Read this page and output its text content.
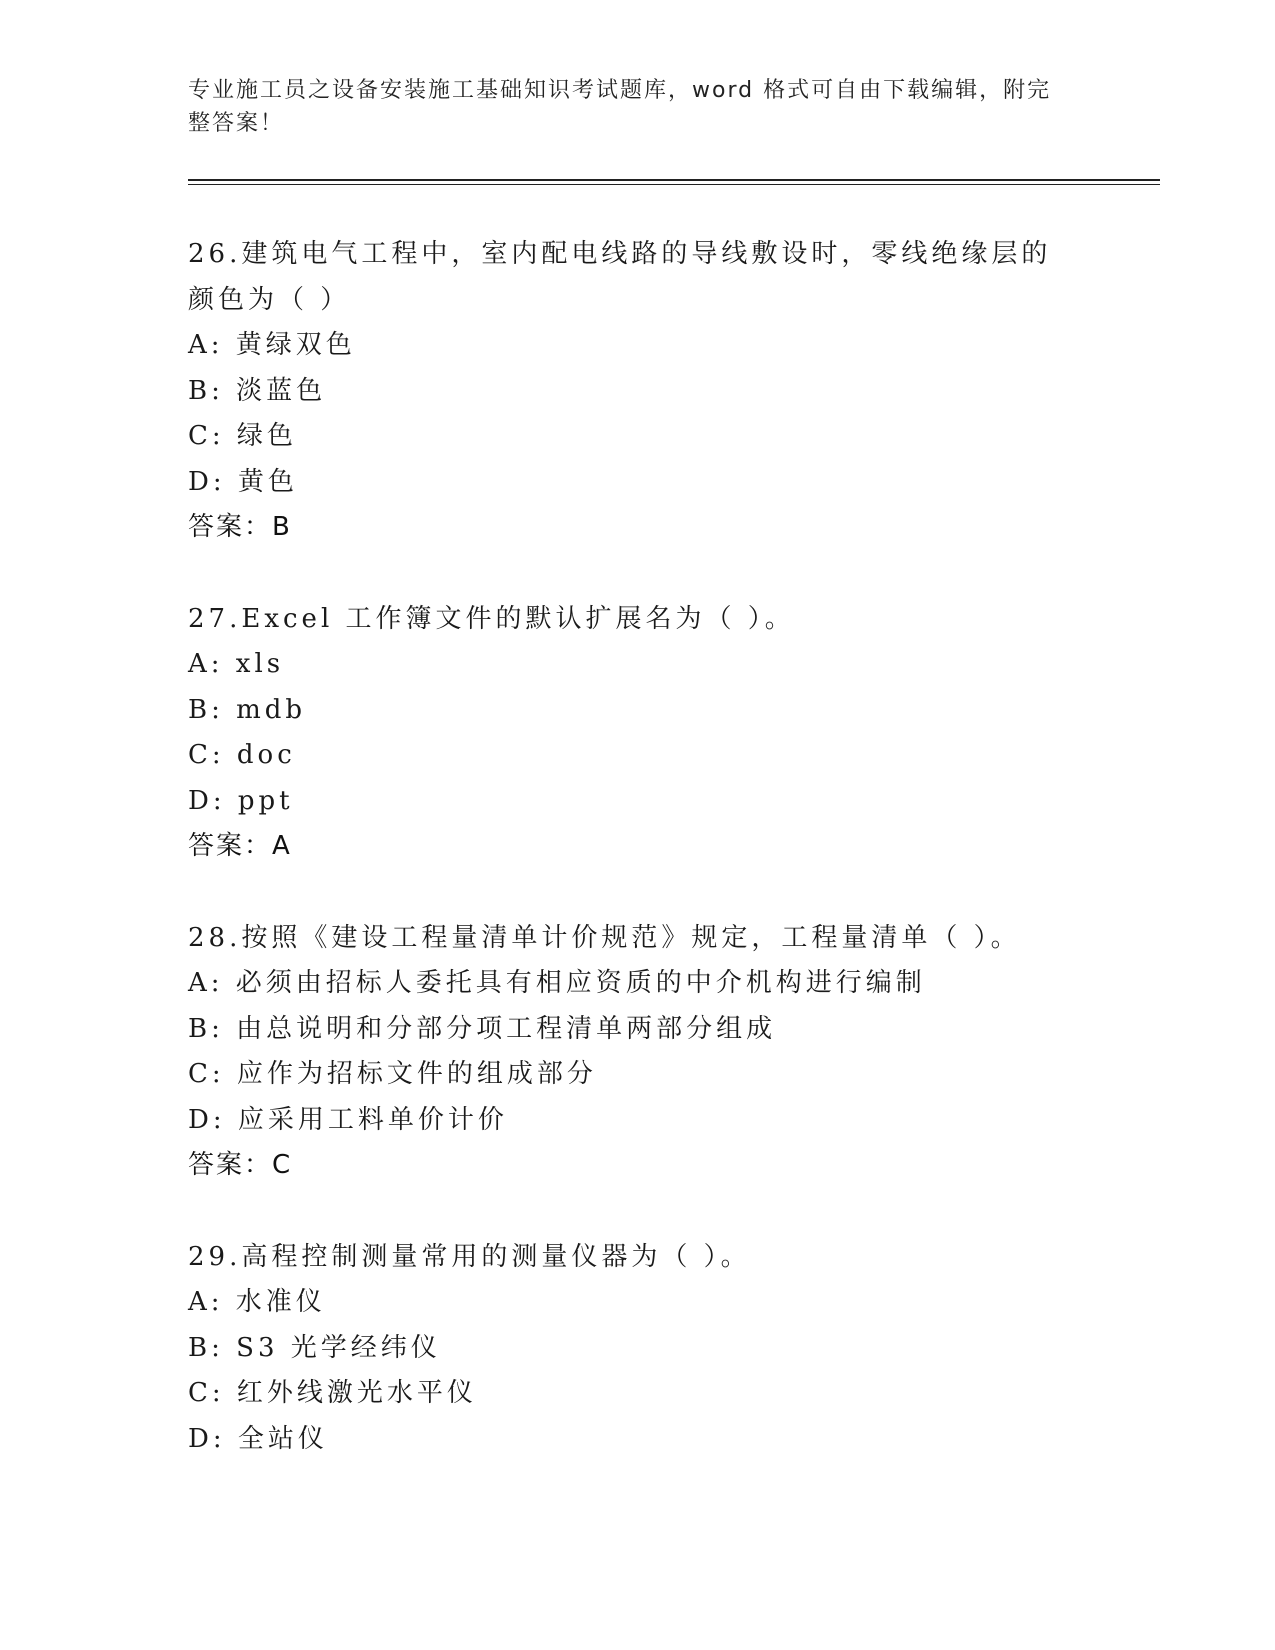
专业施工员之设备安装施工基础知识考试题库，word 格式可自由下载编辑，附完整答案！
26.建筑电气工程中，室内配电线路的导线敷设时，零线绝缘层的颜色为（ ）
A: 黄绿双色
B: 淡蓝色
C: 绿色
D: 黄色
答案：B
27.Excel 工作簿文件的默认扩展名为（ ）。
A: xls
B: mdb
C: doc
D: ppt
答案：A
28.按照《建设工程量清单计价规范》规定，工程量清单（ ）。
A: 必须由招标人委托具有相应资质的中介机构进行编制
B: 由总说明和分部分项工程清单两部分组成
C: 应作为招标文件的组成部分
D: 应采用工料单价计价
答案：C
29.高程控制测量常用的测量仪器为（ ）。
A: 水准仪
B: S3 光学经纬仪
C: 红外线激光水平仪
D: 全站仪
